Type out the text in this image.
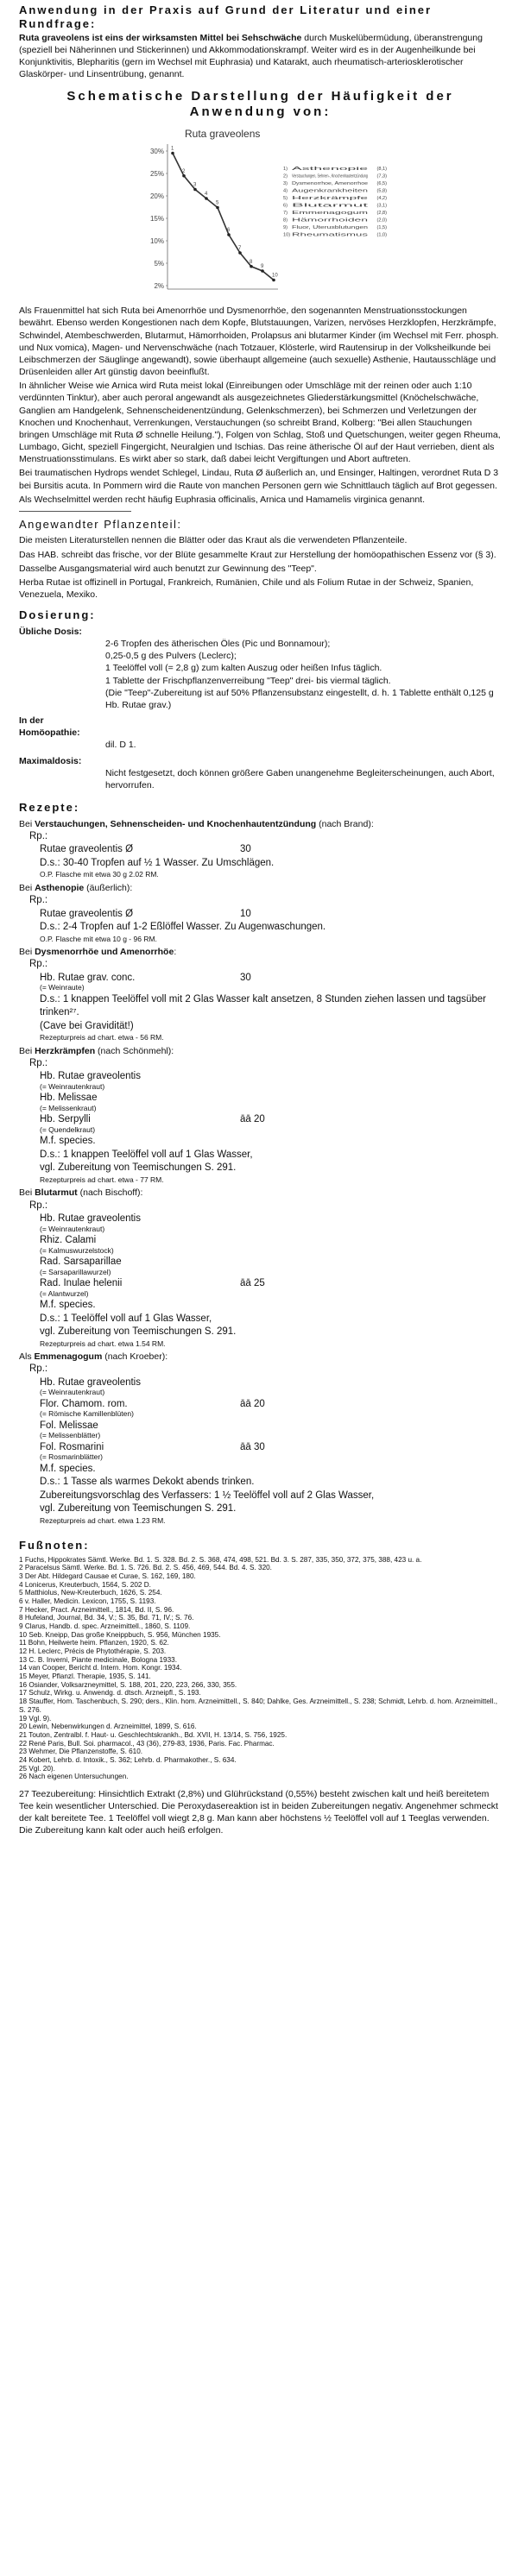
Anwendung in der Praxis auf Grund der Literatur und einer Rundfrage:

Ruta graveolens ist eins der wirksamsten Mittel bei Sehschwäche durch Muskelübermüdung, überanstrengung (speziell bei Näherinnen und Stickerinnen) und Akkommodationskrampf. Weiter wird es in der Augenheilkunde bei Konjunktivitis, Blepharitis (gern im Wechsel mit Euphrasia) und Katarakt, auch rheumatisch-arteriosklerotischer Glaskörper- und Linsentrübung, genannt.

Schematische Darstellung der Häufigkeit der Anwendung von:
Ruta graveolens
30%
25%
20%
15%
10%
5%
2%
1
2
3
4
5
6
7
8
9
10
1) Asthenopie (8,1)
2) Verstauchungen, Sehnen-, Knochenhautentzündung (7,3)
3) Dysmenorrhoe, Amenorrhoe (6,5)
4) Augenkrankheiten (5,8)
5) Herzkrämpfe (4,2)
6) Blutarmut (3,1)
7) Emmenagogum (2,8)
8) Hämorrhoiden (2,0)
9) Fluor, Uterusblutungen (1,5)
10) Rheumatismus (1,0)

Als Frauenmittel hat sich Ruta bei Amenorrhöe und Dysmenorrhöe, den sogenannten Menstruationsstockungen bewährt. Ebenso werden Kongestionen nach dem Kopfe, Blutstauungen, Varizen, nervöses Herzklopfen, Herzkrämpfe, Schwindel, Atembeschwerden, Blutarmut, Hämorrhoiden, Prolapsus ani blutarmer Kinder (im Wechsel mit Ferr. phosph. und Nux vomica), Magen- und Nervenschwäche (nach Totzauer, Klösterle, wird Rautensirup in der Volksheilkunde bei Leibschmerzen der Säuglinge angewandt), sowie überhaupt allgemeine (auch sexuelle) Asthenie, Hautausschläge und Drüsenleiden aller Art günstig davon beeinflußt.

In ähnlicher Weise wie Arnica wird Ruta meist lokal (Einreibungen oder Umschläge mit der reinen oder auch 1:10 verdünnten Tinktur), aber auch peroral angewandt als ausgezeichnetes Gliederstärkungsmittel (Knöchelschwäche, Ganglien am Handgelenk, Sehnenscheidenentzündung, Gelenkschmerzen), bei Schmerzen und Verletzungen der Knochen und Knochenhaut, Verrenkungen, Verstauchungen (so schreibt Brand, Kolberg: "Bei allen Stauchungen bringen Umschläge mit Ruta Ø schnelle Heilung."), Folgen von Schlag, Stoß und Quetschungen, weiter gegen Rheuma, Lumbago, Gicht, speziell Fingergicht, Neuralgien und Ischias. Das reine ätherische Öl auf der Haut verrieben, dient als Menstruationsstimulans. Es wirkt aber so stark, daß dabei leicht Vergiftungen und Abort auftreten.

Bei traumatischen Hydrops wendet Schlegel, Lindau, Ruta Ø äußerlich an, und Ensinger, Haltingen, verordnet Ruta D 3 bei Bursitis acuta. In Pommern wird die Raute von manchen Personen gern wie Schnittlauch täglich auf Brot gegessen.

Als Wechselmittel werden recht häufig Euphrasia officinalis, Arnica und Hamamelis virginica genannt.

Angewandter Pflanzenteil:

Die meisten Literaturstellen nennen die Blätter oder das Kraut als die verwendeten Pflanzenteile.

Das HAB. schreibt das frische, vor der Blüte gesammelte Kraut zur Herstellung der homöopathischen Essenz vor (§ 3).

Dasselbe Ausgangsmaterial wird auch benutzt zur Gewinnung des "Teep".

Herba Rutae ist offizinell in Portugal, Frankreich, Rumänien, Chile und als Folium Rutae in der Schweiz, Spanien, Venezuela, Mexiko.

Dosierung:
Übliche Dosis:
2-6 Tropfen des ätherischen Öles (Pic und Bonnamour);
0,25-0,5 g des Pulvers (Leclerc);
1 Teelöffel voll (= 2,8 g) zum kalten Auszug oder heißen Infus täglich.
1 Tablette der Frischpflanzenverreibung "Teep" drei- bis viermal täglich.
(Die "Teep"-Zubereitung ist auf 50% Pflanzensubstanz eingestellt, d. h. 1 Tablette enthält 0,125 g Hb. Rutae grav.)
In der Homöopathie:
dil. D 1.
Maximaldosis:
Nicht festgesetzt, doch können größere Gaben unangenehme Begleiterscheinungen, auch Abort, hervorrufen.
Rezepte:
Bei Verstauchungen, Sehnenscheiden- und Knochenhautentzündung (nach Brand):
Rp.:
Rutae graveolentis Ø	30
D.s.: 30-40 Tropfen auf ½ 1 Wasser. Zu Umschlägen.
O.P. Flasche mit etwa 30 g 2.02 RM.
Bei Asthenopie (äußerlich):
Rp.:
Rutae graveolentis Ø	10
D.s.: 2-4 Tropfen auf 1-2 Eßlöffel Wasser. Zu Augenwaschungen.
O.P. Flasche mit etwa 10 g - 96 RM.
Bei Dysmenorrhöe und Amenorrhöe:
Rp.:
Hb. Rutae grav. conc.	30
(= Weinraute)
D.s.: 1 knappen Teelöffel voll mit 2 Glas Wasser kalt ansetzen, 8 Stunden ziehen lassen und tagsüber trinken²⁷.
(Cave bei Gravidität!)
Rezepturpreis ad chart. etwa - 56 RM.
Bei Herzkrämpfen (nach Schönmehl):
Rp.:
Hb. Rutae graveolentis
(= Weinrautenkraut)
Hb. Melissae
(= Melissenkraut)
Hb. Serpylli	āā 20
(= Quendelkraut)
M.f. species.
D.s.: 1 knappen Teelöffel voll auf 1 Glas Wasser,
vgl. Zubereitung von Teemischungen S. 291.
Rezepturpreis ad chart. etwa - 77 RM.
Bei Blutarmut (nach Bischoff):
Rp.:
Hb. Rutae graveolentis
(= Weinrautenkraut)
Rhiz. Calami
(= Kalmuswurzelstock)
Rad. Sarsaparillae
(= Sarsaparillawurzel)
Rad. Inulae helenii	āā 25
(= Alantwurzel)
M.f. species.
D.s.: 1 Teelöffel voll auf 1 Glas Wasser,
vgl. Zubereitung von Teemischungen S. 291.
Rezepturpreis ad chart. etwa 1.54 RM.
Als Emmenagogum (nach Kroeber):
Rp.:
Hb. Rutae graveolentis
(= Weinrautenkraut)
Flor. Chamom. rom.	āā 20
(= Römische Kamillenblüten)
Fol. Melissae
(= Melissenblätter)
Fol. Rosmarini	āā 30
(= Rosmarinblätter)
M.f. species.
D.s.: 1 Tasse als warmes Dekokt abends trinken.
Zubereitungsvorschlag des Verfassers: 1 ½ Teelöffel voll auf 2 Glas Wasser,
vgl. Zubereitung von Teemischungen S. 291.
Rezepturpreis ad chart. etwa 1.23 RM.
Fußnoten:

1 Fuchs, Hippokrates Sämtl. Werke. Bd. 1. S. 328. Bd. 2. S. 368, 474, 498, 521. Bd. 3. S. 287, 335, 350, 372, 375, 388, 423 u. a.

2 Paracelsus Sämtl. Werke. Bd. 1. S. 726. Bd. 2. S. 456, 469, 544. Bd. 4. S. 320.

3 Der Abt. Hildegard Causae et Curae, S. 162, 169, 180.

4 Lonicerus, Kreuterbuch, 1564, S. 202 D.

5 Matthiolus, New-Kreuterbuch, 1626, S. 254.

6 v. Haller, Medicin. Lexicon, 1755, S. 1193.

7 Hecker, Pract. Arzneimittell., 1814, Bd. II, S. 96.

8 Hufeland, Journal, Bd. 34, V.; S. 35, Bd. 71, IV.; S. 76.

9 Clarus, Handb. d. spec. Arzneimittell., 1860, S. 1109.

10 Seb. Kneipp, Das große Kneippbuch, S. 956, München 1935.

11 Bohn, Heilwerte heim. Pflanzen, 1920, S. 62.

12 H. Leclerc, Précis de Phytothérapie, S. 203.

13 C. B. Inverni, Piante medicinale, Bologna 1933.

14 van Cooper, Bericht d. Intern. Hom. Kongr. 1934.

15 Meyer, Pflanzl. Therapie, 1935, S. 141.

16 Osiander, Volksarzneymittel, S. 188, 201, 220, 223, 266, 330, 355.

17 Schulz, Wirkg. u. Anwendg. d. dtsch. Arzneipfl., S. 193.

18 Stauffer, Hom. Taschenbuch, S. 290; ders., Klin. hom. Arzneimittell., S. 840; Dahlke, Ges. Arzneimittell., S. 238; Schmidt, Lehrb. d. hom. Arzneimittell., S. 276.

19 Vgl. 9).

20 Lewin, Nebenwirkungen d. Arzneimittel, 1899, S. 616.

21 Touton, Zentralbl. f. Haut- u. Geschlechtskrankh., Bd. XVII, H. 13/14, S. 756, 1925.

22 René Paris, Bull. Soi. pharmacol., 43 (36), 279-83, 1936, Paris. Fac. Pharmac.

23 Wehmer, Die Pflanzenstoffe, S. 610.

24 Kobert, Lehrb. d. Intoxik., S. 362; Lehrb. d. Pharmakother., S. 634.

25 Vgl. 20).

26 Nach eigenen Untersuchungen.

27 Teezubereitung: Hinsichtlich Extrakt (2,8%) und Glührückstand (0,55%) besteht zwischen kalt und heiß bereitetem Tee kein wesentlicher Unterschied. Die Peroxydasereaktion ist in beiden Zubereitungen negativ. Angenehmer schmeckt der kalt bereitete Tee. 1 Teelöffel voll wiegt 2,8 g. Man kann aber höchstens ½ Teelöffel voll auf 1 Teeglas verwenden. Die Zubereitung kann kalt oder auch heiß erfolgen.
